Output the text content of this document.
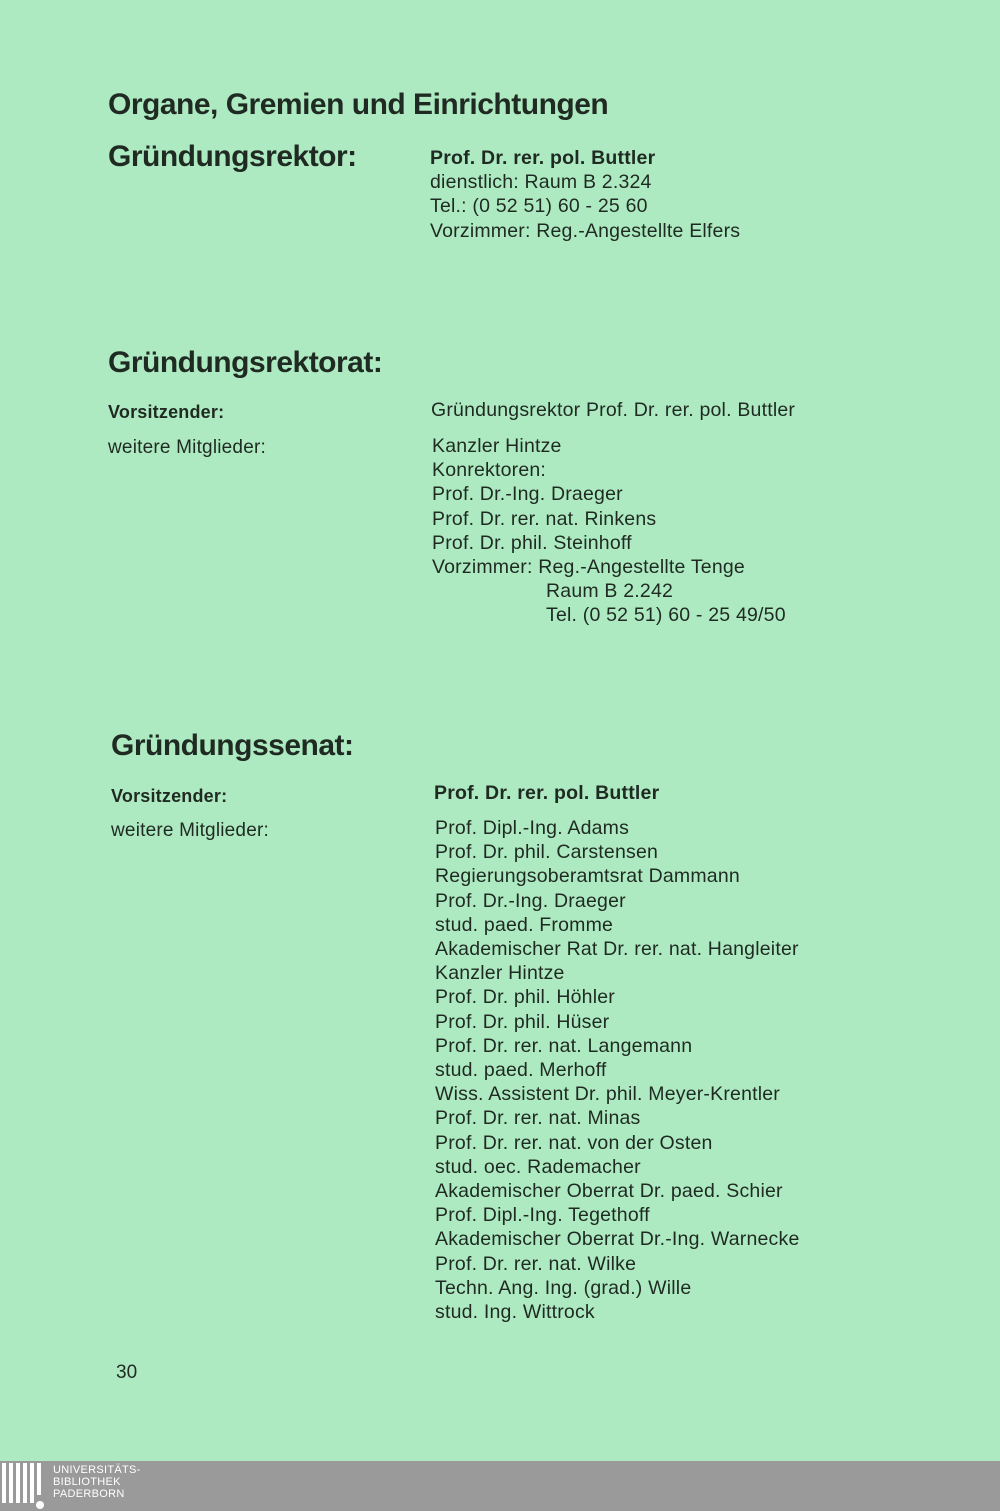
Organe, Gremien und Einrichtungen
Gründungsrektor:	Prof. Dr. rer. pol. Buttler
dienstlich: Raum B 2.324
Tel.: (0 52 51) 60 - 25 60
Vorzimmer: Reg.-Angestellte Elfers
Gründungsrektorat:
Vorsitzender:	Gründungsrektor Prof. Dr. rer. pol. Buttler
weitere Mitglieder:	Kanzler Hintze
Konrektoren:
Prof. Dr.-Ing. Draeger
Prof. Dr. rer. nat. Rinkens
Prof. Dr. phil. Steinhoff
Vorzimmer: Reg.-Angestellte Tenge
Raum B 2.242
Tel. (0 52 51) 60 - 25 49/50
Gründungssenat:
Vorsitzender:	Prof. Dr. rer. pol. Buttler
weitere Mitglieder:	Prof. Dipl.-Ing. Adams
Prof. Dr. phil. Carstensen
Regierungsoberamtsrat Dammann
Prof. Dr.-Ing. Draeger
stud. paed. Fromme
Akademischer Rat Dr. rer. nat. Hangleiter
Kanzler Hintze
Prof. Dr. phil. Höhler
Prof. Dr. phil. Hüser
Prof. Dr. rer. nat. Langemann
stud. paed. Merhoff
Wiss. Assistent Dr. phil. Meyer-Krentler
Prof. Dr. rer. nat. Minas
Prof. Dr. rer. nat. von der Osten
stud. oec. Rademacher
Akademischer Oberrat Dr. paed. Schier
Prof. Dipl.-Ing. Tegethoff
Akademischer Oberrat Dr.-Ing. Warnecke
Prof. Dr. rer. nat. Wilke
Techn. Ang. Ing. (grad.) Wille
stud. Ing. Wittrock
30
UNIVERSITÄTS-
BIBLIOTHEK
PADERBORN
